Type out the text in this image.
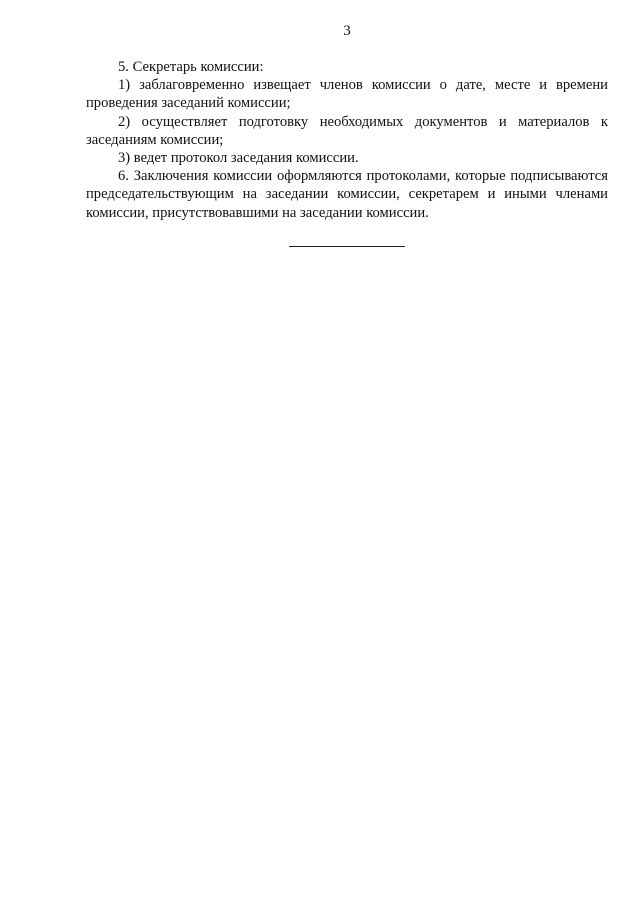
3

5. Секретарь комиссии:

1) заблаговременно извещает членов комиссии о дате, месте и времени проведения заседаний комиссии;

2) осуществляет подготовку необходимых документов и материалов к заседаниям комиссии;

3) ведет протокол заседания комиссии.

6. Заключения комиссии оформляются протоколами, которые подписываются председательствующим на заседании комиссии, секретарем и иными членами комиссии, присутствовавшими на заседании комиссии.
